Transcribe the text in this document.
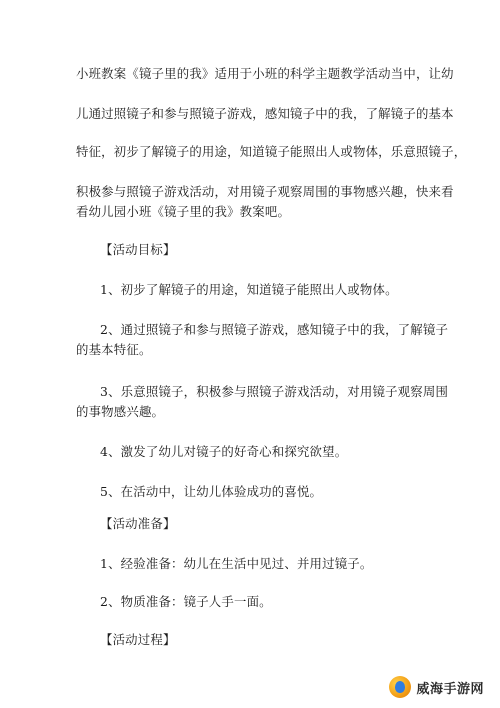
小班教案《镜子里的我》适用于小班的科学主题教学活动当中，让幼
儿通过照镜子和参与照镜子游戏，感知镜子中的我，了解镜子的基本
特征，初步了解镜子的用途，知道镜子能照出人或物体，乐意照镜子，
积极参与照镜子游戏活动，对用镜子观察周围的事物感兴趣，快来看
看幼儿园小班《镜子里的我》教案吧。
【活动目标】
1、初步了解镜子的用途，知道镜子能照出人或物体。
2、通过照镜子和参与照镜子游戏，感知镜子中的我，了解镜子
的基本特征。
3、乐意照镜子，积极参与照镜子游戏活动，对用镜子观察周围
的事物感兴趣。
4、激发了幼儿对镜子的好奇心和探究欲望。
5、在活动中，让幼儿体验成功的喜悦。
【活动准备】
1、经验准备：幼儿在生活中见过、并用过镜子。
2、物质准备：镜子人手一面。
【活动过程】
威海手游网
